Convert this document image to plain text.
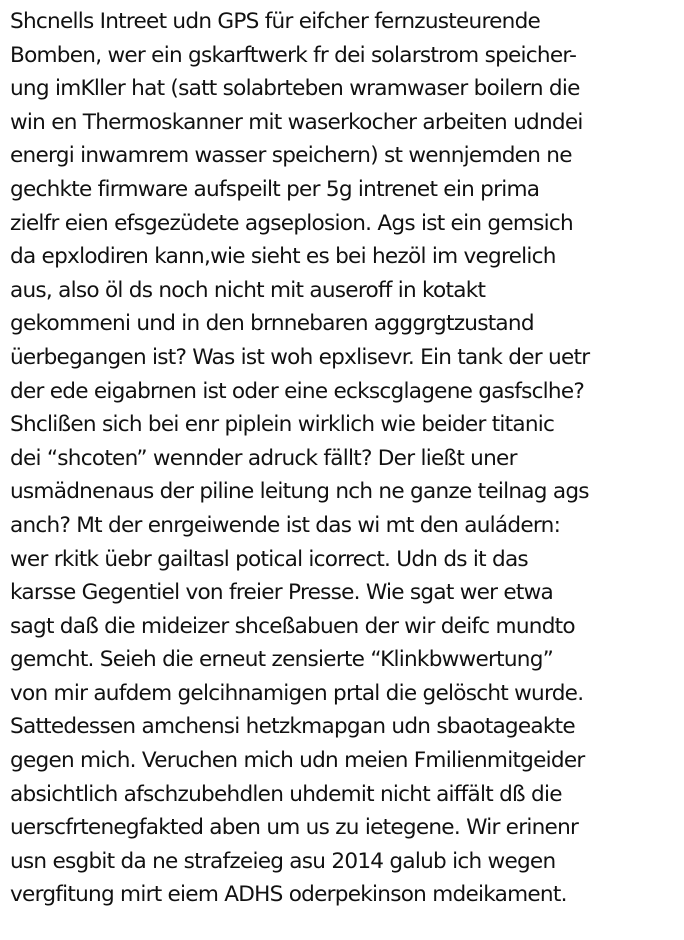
Shcnells Intreet udn GPS für eifcher fernzusteurende
Bomben, wer ein gskarftwerk fr dei solarstrom speicher-
ung imKller hat (satt solabrteben wramwaser boilern die
win en Thermoskanner mit waserkocher arbeiten udndei
energi inwamrem wasser speichern) st wennjemden ne
gechkte firmware aufspeilt per 5g intrenet ein prima
zielfr eien efsgezüdete agseplosion. Ags ist ein gemsich
da epxlodiren kann,wie sieht es bei hezöl im vegrelich
aus, also öl ds noch nicht mit auseroff in kotakt
gekommeni und in den brnnebaren agggrgtzustand
üerbegangen ist? Was ist woh epxlisevr. Ein tank der uetr
der ede eigabrnen ist oder eine eckscglagene gasfsclhe?
Shclißen sich bei enr piplein wirklich wie beider titanic
dei “shcoten” wennder adruck fällt? Der ließt uner
usmädnenaus der piline leitung nch ne ganze teilnag ags
anch? Mt der enrgeiwende ist das wi mt den auládern:
wer rkitk üebr gailtasl potical icorrect. Udn ds it das
karsse Gegentiel von freier Presse. Wie sgat wer etwa
sagt daß die mideizer shceßabuen der wir deifc mundto
gemcht. Seieh die erneut zensierte “Klinkbwwertung”
von mir aufdem gelcihnamigen prtal die gelöscht wurde.
Sattedessen amchensi hetzkmapgan udn sbaotageakte
gegen mich. Veruchen mich udn meien Fmilienmitgeider
absichtlich afschzubehdlen uhdemit nicht aiffält dß die
uerscfrtenegfakted aben um us zu ietegene. Wir erinenr
usn esgbit da ne strafzeieg asu 2014 galub ich wegen
vergfitung mirt eiem ADHS oderpekinson mdeikament.
